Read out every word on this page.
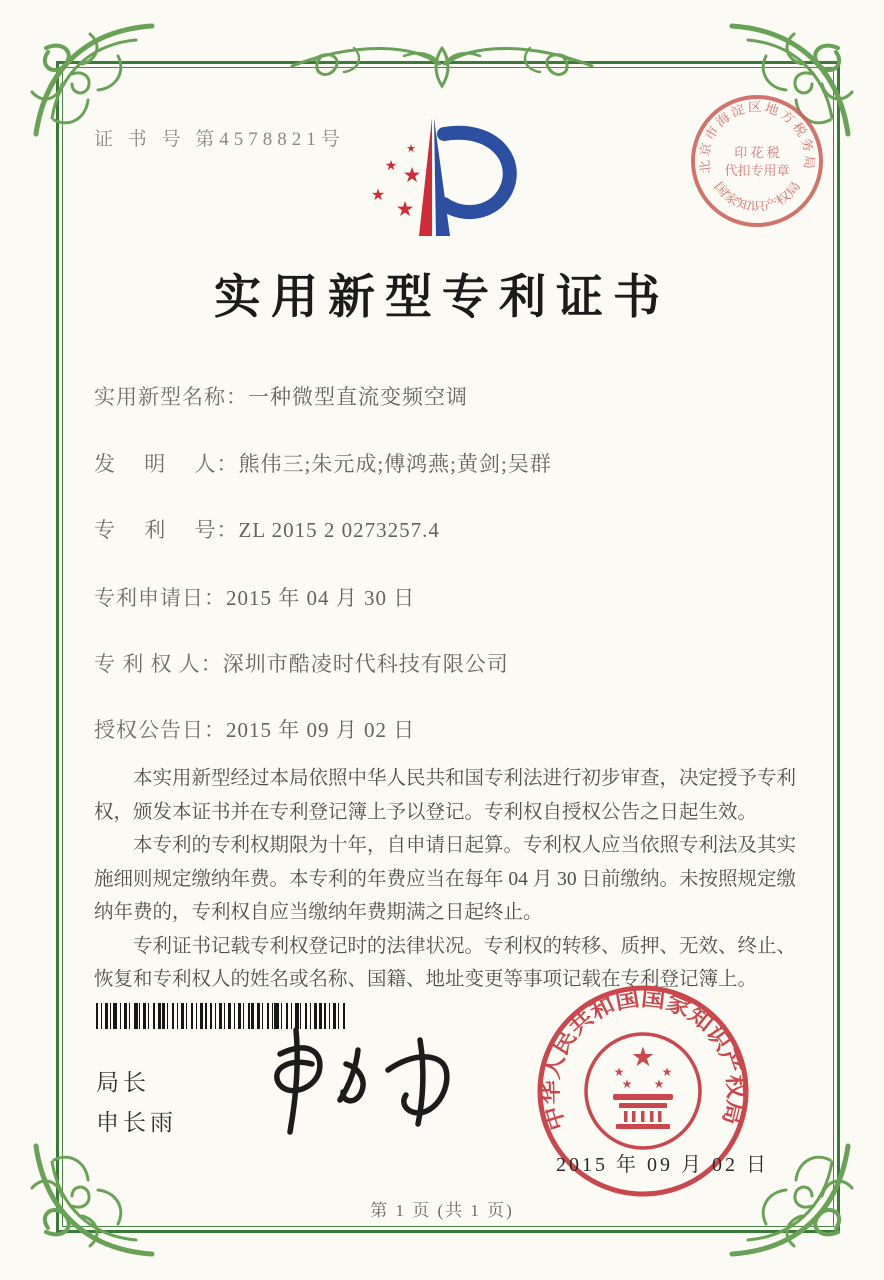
证 书 号 第4578821号	★
★ ★
★
★
北京市海淀区地方税务局
国家知识产权局
印 花 税
代扣专用章
实用新型专利证书
实用新型名称：一种微型直流变频空调
发　 明　 人：熊伟三;朱元成;傅鸿燕;黄剑;吴群
专　 利　 号：ZL 2015 2 0273257.4
专利申请日：2015 年 04 月 30 日
专 利 权 人：深圳市酷凌时代科技有限公司
授权公告日：2015 年 09 月 02 日

本实用新型经过本局依照中华人民共和国专利法进行初步审查，决定授予专利权，颁发本证书并在专利登记簿上予以登记。专利权自授权公告之日起生效。

本专利的专利权期限为十年，自申请日起算。专利权人应当依照专利法及其实施细则规定缴纳年费。本专利的年费应当在每年 04 月 30 日前缴纳。未按照规定缴纳年费的，专利权自应当缴纳年费期满之日起终止。

专利证书记载专利权登记时的法律状况。专利权的转移、质押、无效、终止、恢复和专利权人的姓名或名称、国籍、地址变更等事项记载在专利登记簿上。

局长
申长雨	中华人民共和国国家知识产权局
★
★	★
★ ★
2015 年 09 月 02 日
第 1 页 (共 1 页)
